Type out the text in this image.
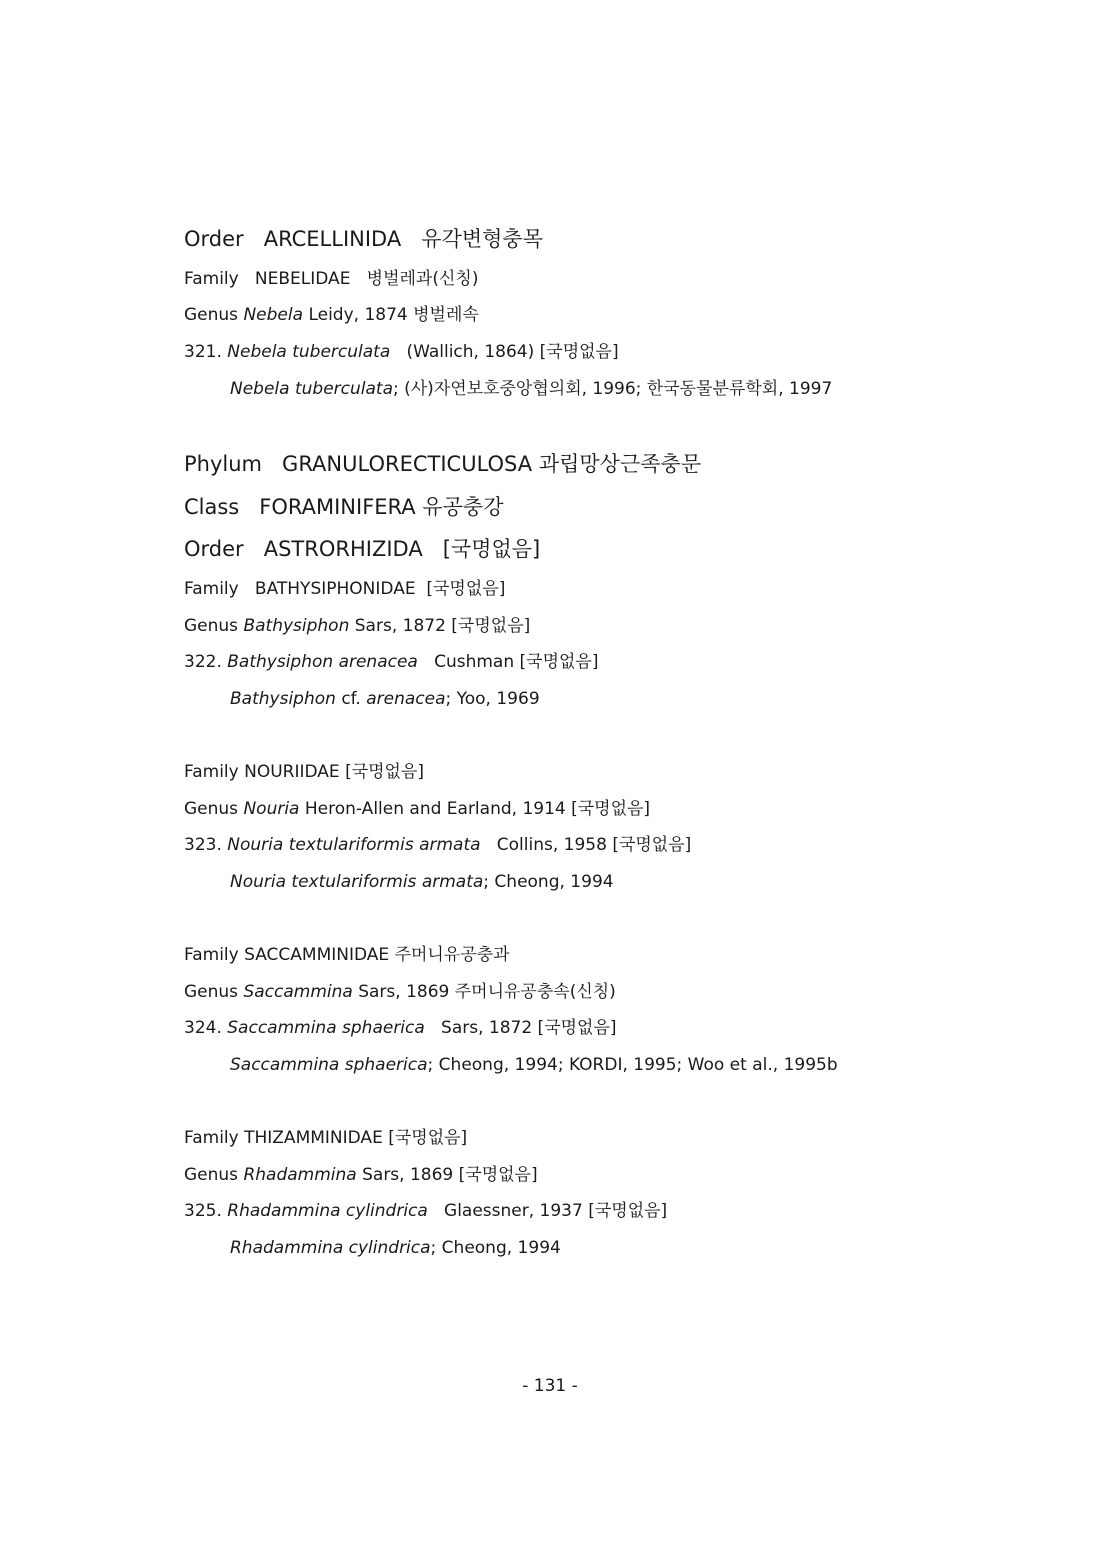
Order ARCELLINIDA 유각변형충목
Family NEBELIDAE 병벌레과(신칭)
Genus Nebela Leidy, 1874 병벌레속
321. Nebela tuberculata (Wallich, 1864) [국명없음]
Nebela tuberculata; (사)자연보호중앙협의회, 1996; 한국동물분류학회, 1997
Phylum GRANULORECTICULOSA 과립망상근족충문
Class FORAMINIFERA 유공충강
Order ASTRORHIZIDA [국명없음]
Family BATHYSIPHONIDAE [국명없음]
Genus Bathysiphon Sars, 1872 [국명없음]
322. Bathysiphon arenacea Cushman [국명없음]
Bathysiphon cf. arenacea; Yoo, 1969
Family NOURIIDAE [국명없음]
Genus Nouria Heron-Allen and Earland, 1914 [국명없음]
323. Nouria textulariformis armata Collins, 1958 [국명없음]
Nouria textulariformis armata; Cheong, 1994
Family SACCAMMINIDAE 주머니유공충과
Genus Saccammina Sars, 1869 주머니유공충속(신칭)
324. Saccammina sphaerica Sars, 1872 [국명없음]
Saccammina sphaerica; Cheong, 1994; KORDI, 1995; Woo et al., 1995b
Family THIZAMMINIDAE [국명없음]
Genus Rhadammina Sars, 1869 [국명없음]
325. Rhadammina cylindrica Glaessner, 1937 [국명없음]
Rhadammina cylindrica; Cheong, 1994
- 131 -
